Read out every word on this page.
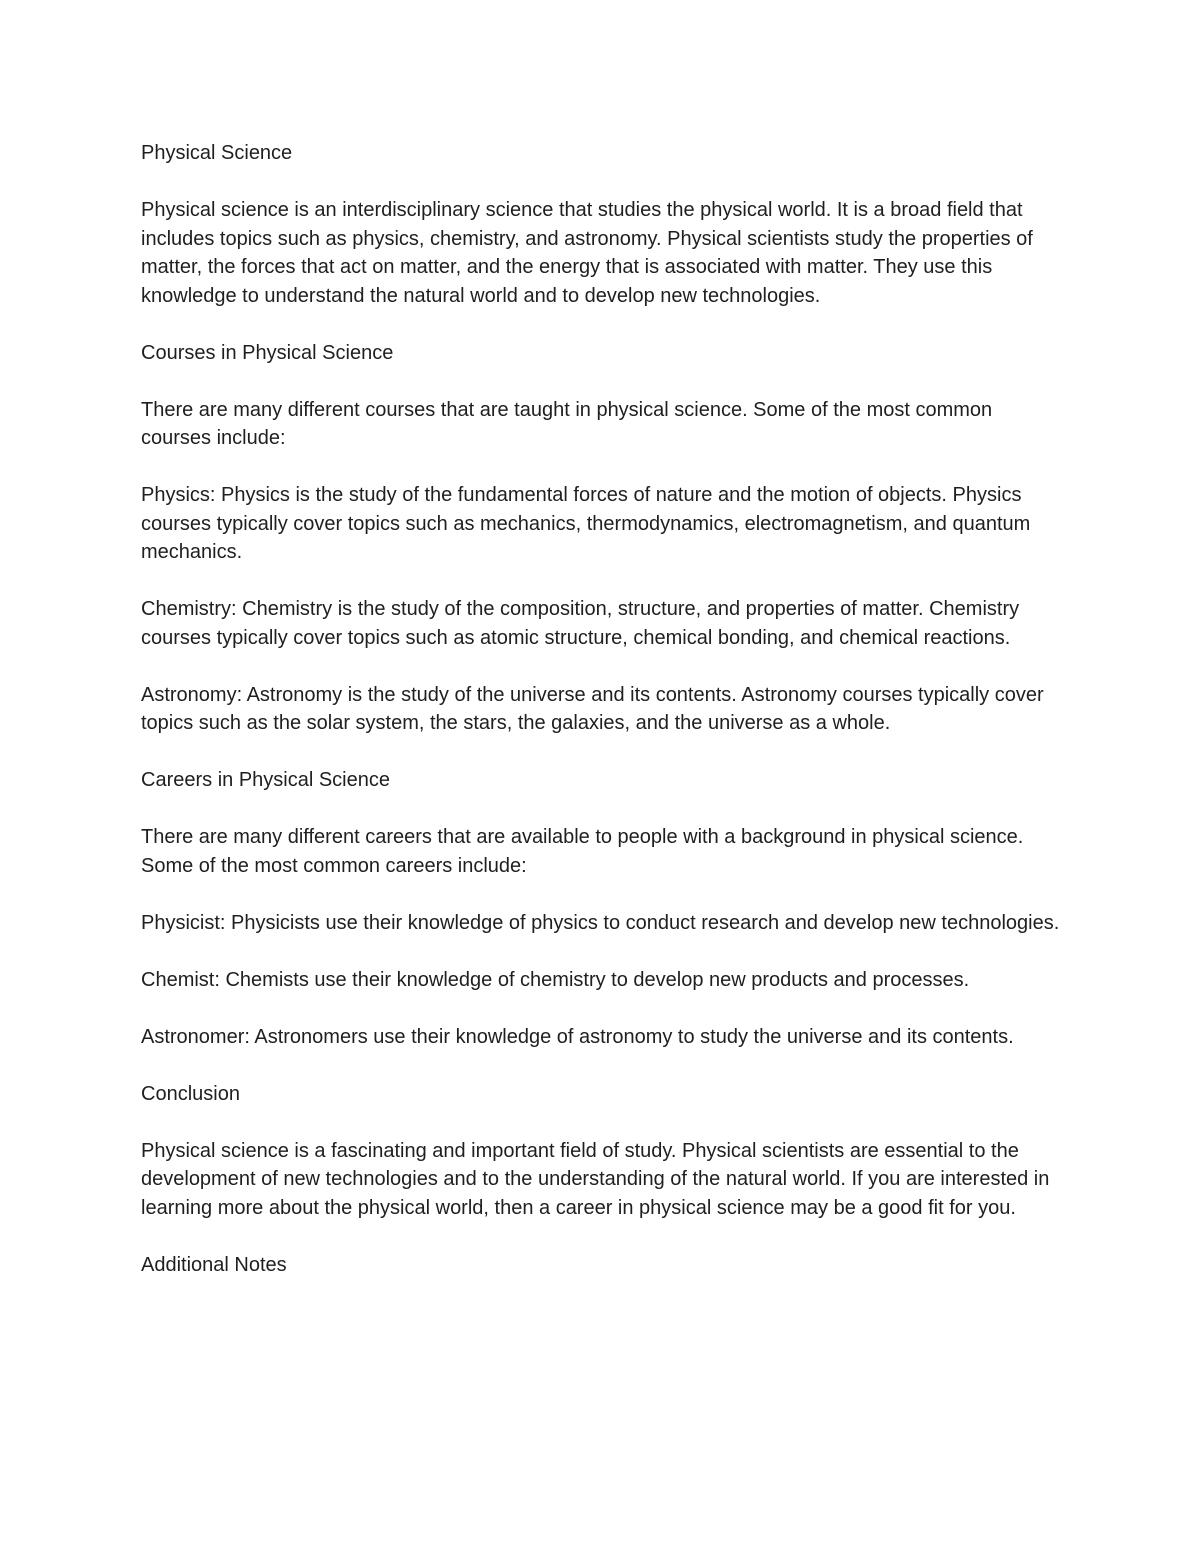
Physical Science

Physical science is an interdisciplinary science that studies the physical world. It is a broad field that includes topics such as physics, chemistry, and astronomy. Physical scientists study the properties of matter, the forces that act on matter, and the energy that is associated with matter. They use this knowledge to understand the natural world and to develop new technologies.

Courses in Physical Science

There are many different courses that are taught in physical science. Some of the most common courses include:

Physics: Physics is the study of the fundamental forces of nature and the motion of objects. Physics courses typically cover topics such as mechanics, thermodynamics, electromagnetism, and quantum mechanics.

Chemistry: Chemistry is the study of the composition, structure, and properties of matter. Chemistry courses typically cover topics such as atomic structure, chemical bonding, and chemical reactions.

Astronomy: Astronomy is the study of the universe and its contents. Astronomy courses typically cover topics such as the solar system, the stars, the galaxies, and the universe as a whole.

Careers in Physical Science

There are many different careers that are available to people with a background in physical science. Some of the most common careers include:

Physicist: Physicists use their knowledge of physics to conduct research and develop new technologies.

Chemist: Chemists use their knowledge of chemistry to develop new products and processes.

Astronomer: Astronomers use their knowledge of astronomy to study the universe and its contents.

Conclusion

Physical science is a fascinating and important field of study. Physical scientists are essential to the development of new technologies and to the understanding of the natural world. If you are interested in learning more about the physical world, then a career in physical science may be a good fit for you.

Additional Notes
